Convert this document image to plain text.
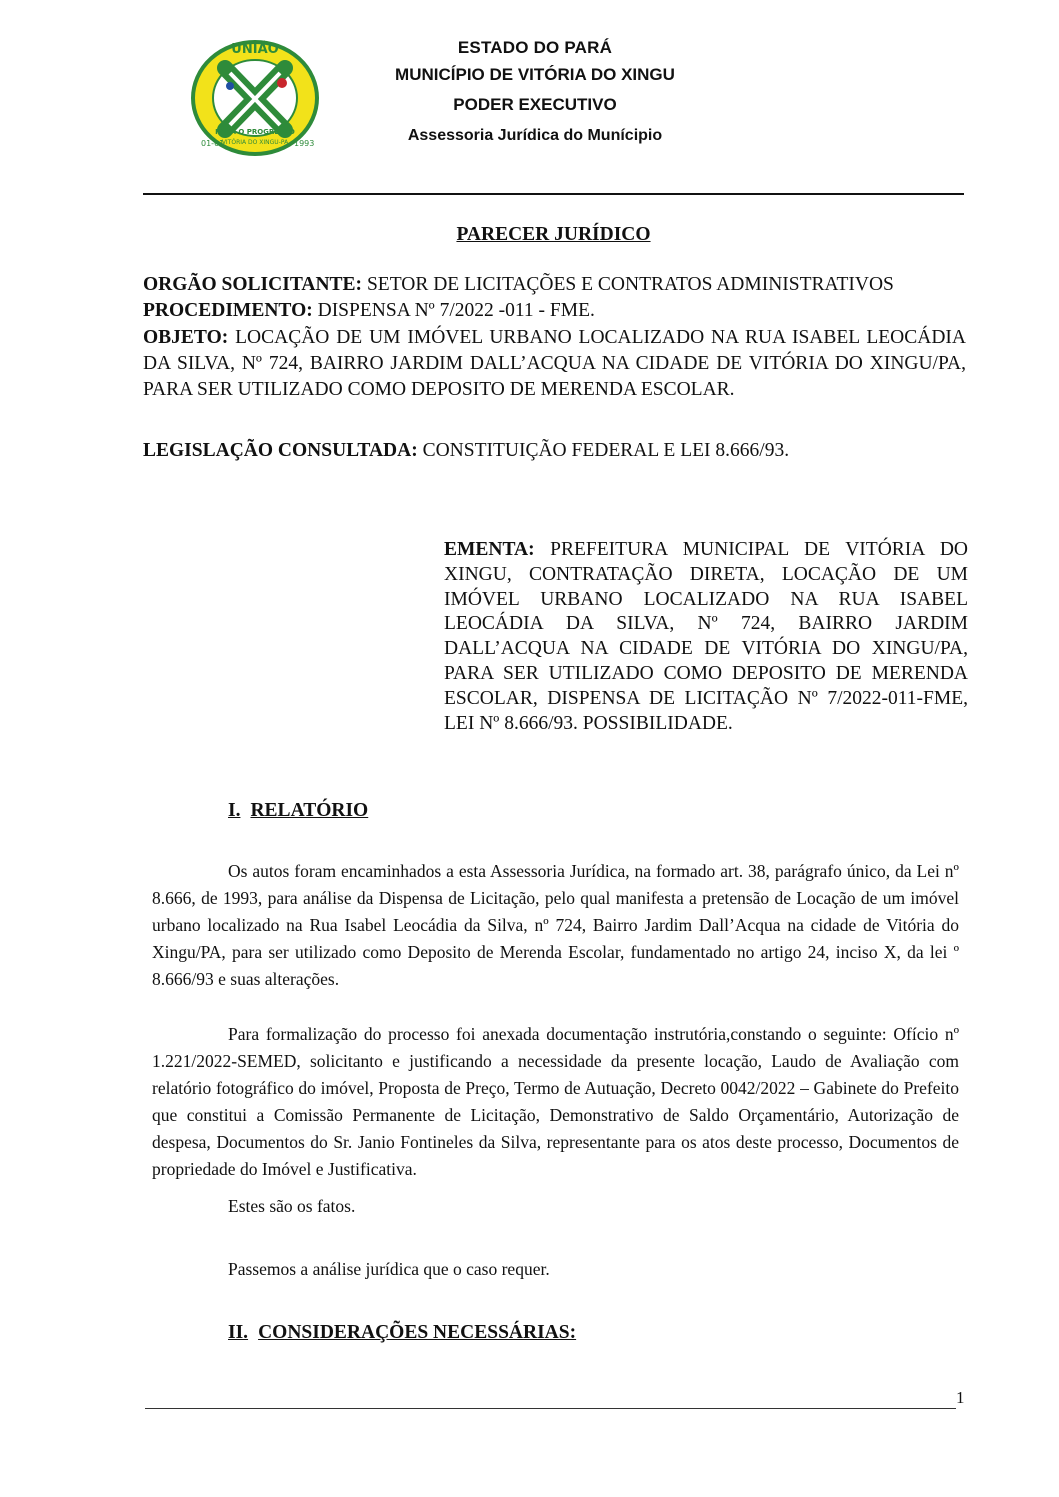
UNIÃO
01-01	1993
VITÓRIA DO XINGU-PA
PARA O PROGRESSO
ESTADO DO PARÁ
MUNICÍPIO DE VITÓRIA DO XINGU
PODER EXECUTIVO
Assessoria Jurídica do Munícipio
PARECER JURÍDICO
ORGÃO SOLICITANTE: SETOR DE LICITAÇÕES E CONTRATOS ADMINISTRATIVOS
PROCEDIMENTO: DISPENSA Nº 7/2022 -011 - FME.
OBJETO: LOCAÇÃO DE UM IMÓVEL URBANO LOCALIZADO NA RUA ISABEL LEOCÁDIA DA SILVA, Nº 724, BAIRRO JARDIM DALL’ACQUA NA CIDADE DE VITÓRIA DO XINGU/PA, PARA SER UTILIZADO COMO DEPOSITO DE MERENDA ESCOLAR.
LEGISLAÇÃO CONSULTADA: CONSTITUIÇÃO FEDERAL E LEI 8.666/93.
EMENTA: PREFEITURA MUNICIPAL DE VITÓRIA DO XINGU, CONTRATAÇÃO DIRETA, LOCAÇÃO DE UM IMÓVEL URBANO LOCALIZADO NA RUA ISABEL LEOCÁDIA DA SILVA, Nº 724, BAIRRO JARDIM DALL’ACQUA NA CIDADE DE VITÓRIA DO XINGU/PA, PARA SER UTILIZADO COMO DEPOSITO DE MERENDA ESCOLAR, DISPENSA DE LICITAÇÃO Nº 7/2022-011-FME, LEI Nº 8.666/93. POSSIBILIDADE.
I. RELATÓRIO
Os autos foram encaminhados a esta Assessoria Jurídica, na formado art. 38, parágrafo único, da Lei nº 8.666, de 1993, para análise da Dispensa de Licitação, pelo qual manifesta a pretensão de Locação de um imóvel urbano localizado na Rua Isabel Leocádia da Silva, nº 724, Bairro Jardim Dall’Acqua na cidade de Vitória do Xingu/PA, para ser utilizado como Deposito de Merenda Escolar, fundamentado no artigo 24, inciso X, da lei º 8.666/93 e suas alterações.
Para formalização do processo foi anexada documentação instrutória,constando o seguinte: Ofício nº 1.221/2022-SEMED, solicitanto e justificando a necessidade da presente locação, Laudo de Avaliação com relatório fotográfico do imóvel, Proposta de Preço, Termo de Autuação, Decreto 0042/2022 – Gabinete do Prefeito que constitui a Comissão Permanente de Licitação, Demonstrativo de Saldo Orçamentário, Autorização de despesa, Documentos do Sr. Janio Fontineles da Silva, representante para os atos deste processo, Documentos de propriedade do Imóvel e Justificativa.
Estes são os fatos.
Passemos a análise jurídica que o caso requer.
II. CONSIDERAÇÕES NECESSÁRIAS:
1
